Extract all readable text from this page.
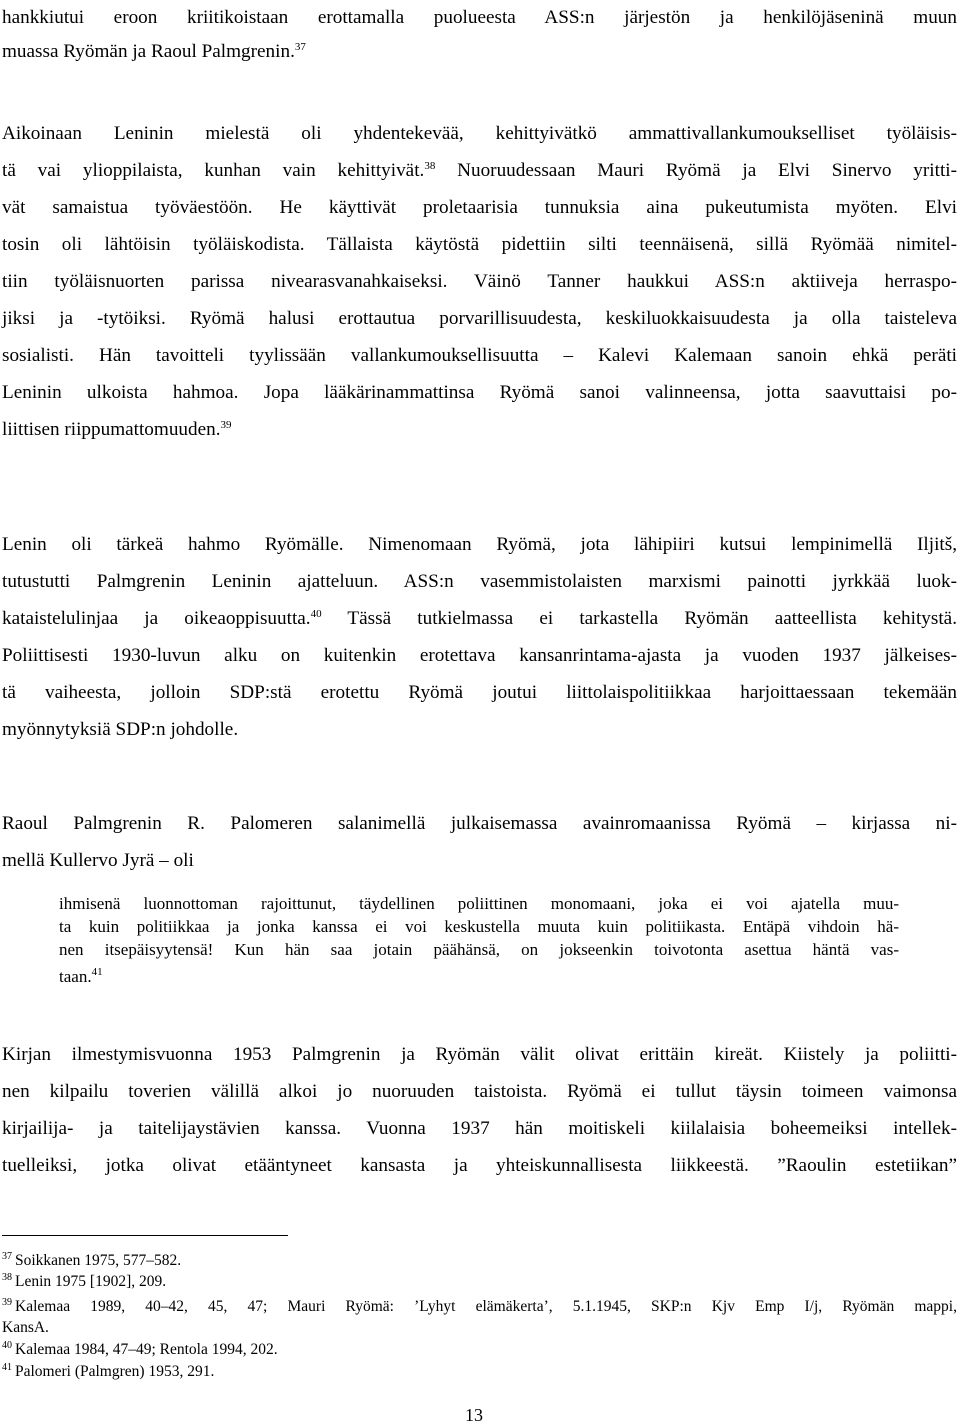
hankkiutui eroon kriitikoistaan erottamalla puolueesta ASS:n järjestön ja henkilöjäseninä muun
muassa Ryömän ja Raoul Palmgrenin.$^{37}$
Aikoinaan Leninin mielestä oli yhdentekevää, kehittyivätkö ammattivallankumoukselliset työläisis-
tä vai ylioppilaista, kunhan vain kehittyivät.$^{38}$ Nuoruudessaan Mauri Ryömä ja Elvi Sinervo yritti-
vät samaistua työväestöön. He käyttivät proletaarisia tunnuksia aina pukeutumista myöten. Elvi
tosin oli lähtöisin työläiskodista. Tällaista käytöstä pidettiin silti teennäisenä, sillä Ryömää nimitel-
tiin työläisnuorten parissa nivearasvanahkaiseksi. Väinö Tanner haukkui ASS:n aktiiveja herraspo-
jiksi ja -tytöiksi. Ryömä halusi erottautua porvarillisuudesta, keskiluokkaisuudesta ja olla taisteleva
sosialisti. Hän tavoitteli tyylissään vallankumouksellisuutta – Kalevi Kalemaan sanoin ehkä peräti
Leninin ulkoista hahmoa. Jopa lääkärinammattinsa Ryömä sanoi valinneensa, jotta saavuttaisi po-
liittisen riippumattomuuden.$^{39}$
Lenin oli tärkeä hahmo Ryömälle. Nimenomaan Ryömä, jota lähipiiri kutsui lempinimellä Iljitš,
tutustutti Palmgrenin Leninin ajatteluun. ASS:n vasemmistolaisten marxismi painotti jyrkkää luok-
kataistelulinjaa ja oikeaoppisuutta.$^{40}$ Tässä tutkielmassa ei tarkastella Ryömän aatteellista kehitystä.
Poliittisesti 1930-luvun alku on kuitenkin erotettava kansanrintama-ajasta ja vuoden 1937 jälkeises-
tä vaiheesta, jolloin SDP:stä erotettu Ryömä joutui liittolaispolitiikkaa harjoittaessaan tekemään
myönnytyksiä SDP:n johdolle.
Raoul Palmgrenin R. Palomeren salanimellä julkaisemassa avainromaanissa Ryömä – kirjassa ni-
mellä Kullervo Jyrä – oli
ihmisenä luonnottoman rajoittunut, täydellinen poliittinen monomaani, joka ei voi ajatella muu-
ta kuin politiikkaa ja jonka kanssa ei voi keskustella muuta kuin politiikasta. Entäpä vihdoin hä-
nen itsepäisyytensä! Kun hän saa jotain päähänsä, on jokseenkin toivotonta asettua häntä vas-
taan.$^{41}$
Kirjan ilmestymisvuonna 1953 Palmgrenin ja Ryömän välit olivat erittäin kireät. Kiistely ja poliitti-
nen kilpailu toverien välillä alkoi jo nuoruuden taistoista. Ryömä ei tullut täysin toimeen vaimonsa
kirjailija- ja taitelijaystävien kanssa. Vuonna 1937 hän moitiskeli kiilalaisia boheemeiksi intellek-
tuelleiksi, jotka olivat etääntyneet kansasta ja yhteiskunnallisesta liikkeestä. ”Raoulin estetiikan”
$^{37}$ Soikkanen 1975, 577–582.
$^{38}$ Lenin 1975 [1902], 209.
$^{39}$ Kalemaa 1989, 40–42, 45, 47; Mauri Ryömä: ’Lyhyt elämäkerta’, 5.1.1945, SKP:n Kjv Emp I/j, Ryömän mappi,
KansA.
$^{40}$ Kalemaa 1984, 47–49; Rentola 1994, 202.
$^{41}$ Palomeri (Palmgren) 1953, 291.
13
